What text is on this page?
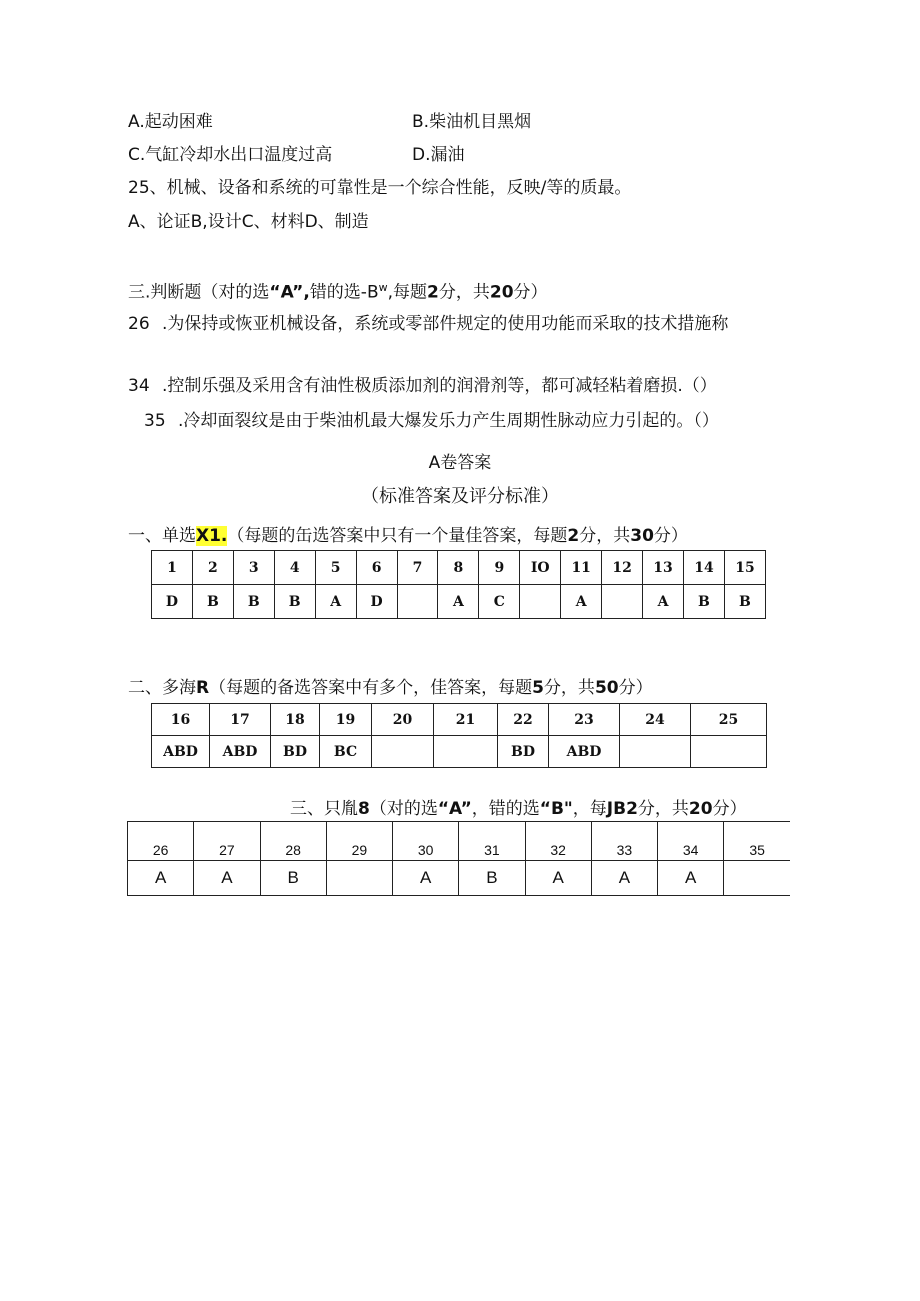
A.起动困难	B.柴油机目黑烟
C.气缸冷却水出口温度过高	D.漏油
25、机械、设备和系统的可靠性是一个综合性能，反映/等的质最。
A、论证B,设计C、材料D、制造
三.判断题（对的选“A”,错的选$-B^w$,每题2分，共20分）
26 .为保持或恢亚机械设备，系统或零部件规定的使用功能而采取的技术措施称
34 .控制乐强及采用含有油性极质添加剂的润滑剂等，都可减轻粘着磨损.（）
35 .冷却面裂纹是由于柴油机最大爆发乐力产生周期性脉动应力引起的。（）
A卷答案
（标准答案及评分标准）
一、单选X1.（每题的缶选答案中只有一个量佳答案，每题2分，共30分）
1	2	3	4	5	6	7	8	9	IO	11	12	13	14	15
D	B	B	B	A	D		A	C		A		A	B	B
二、多海R（每题的备选答案中有多个，佳答案，每题5分，共50分）
16	17	18	19	20	21	22	23	24	25
ABD	ABD	BD	BC			BD	ABD		
三、只胤8（对的选“A”，错的选“B"，每JB2分，共20分）
26	27	28	29	30	31	32	33	34	35
A	A	B		A	B	A	A	A	
